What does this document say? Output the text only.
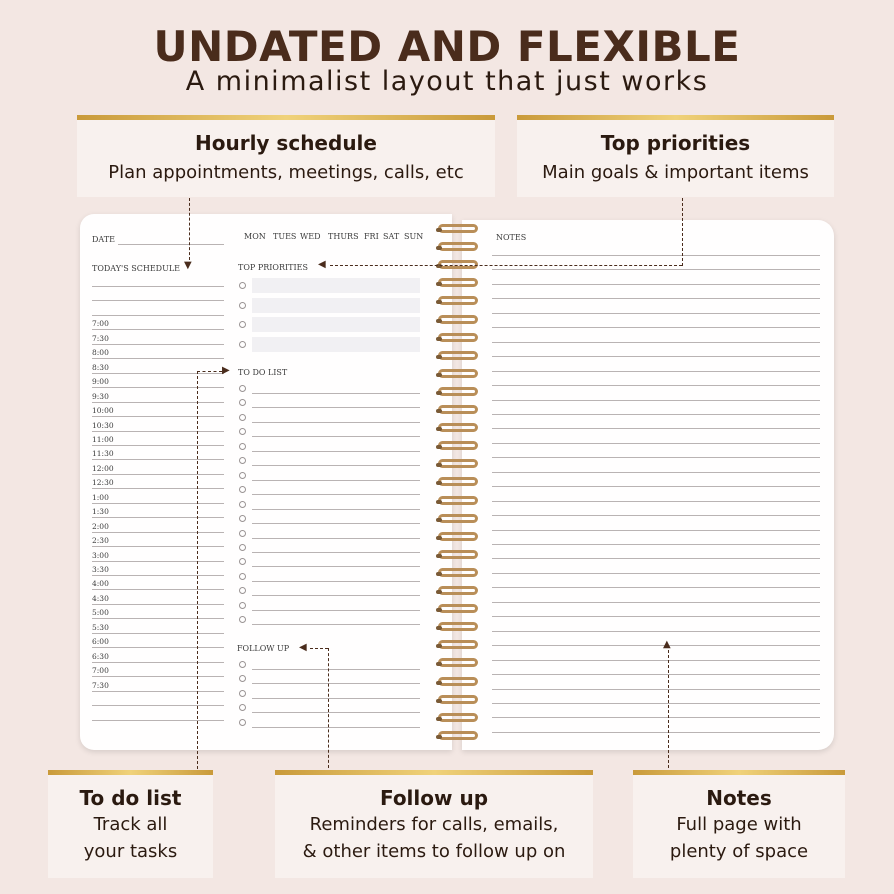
UNDATED AND FLEXIBLE
A minimalist layout that just works
Hourly schedule
Plan appointments, meetings, calls, etc
Top priorities
Main goals & important items
DATE	MON TUES WED THURS FRI SAT SUN
TODAY'S SCHEDULE
7:00
7:30
8:00
8:30
9:00
9:30
10:00
10:30
11:00
11:30
12:00
12:30
1:00
1:30
2:00
2:30
3:00
3:30
4:00
4:30
5:00
5:30
6:00
6:30
7:00
7:30
TOP PRIORITIES
TO DO LIST
FOLLOW UP
NOTES
▼	◀
▶
◀	▲
To do list
Track all
your tasks
Follow up
Reminders for calls, emails,
& other items to follow up on
Notes
Full page with
plenty of space
